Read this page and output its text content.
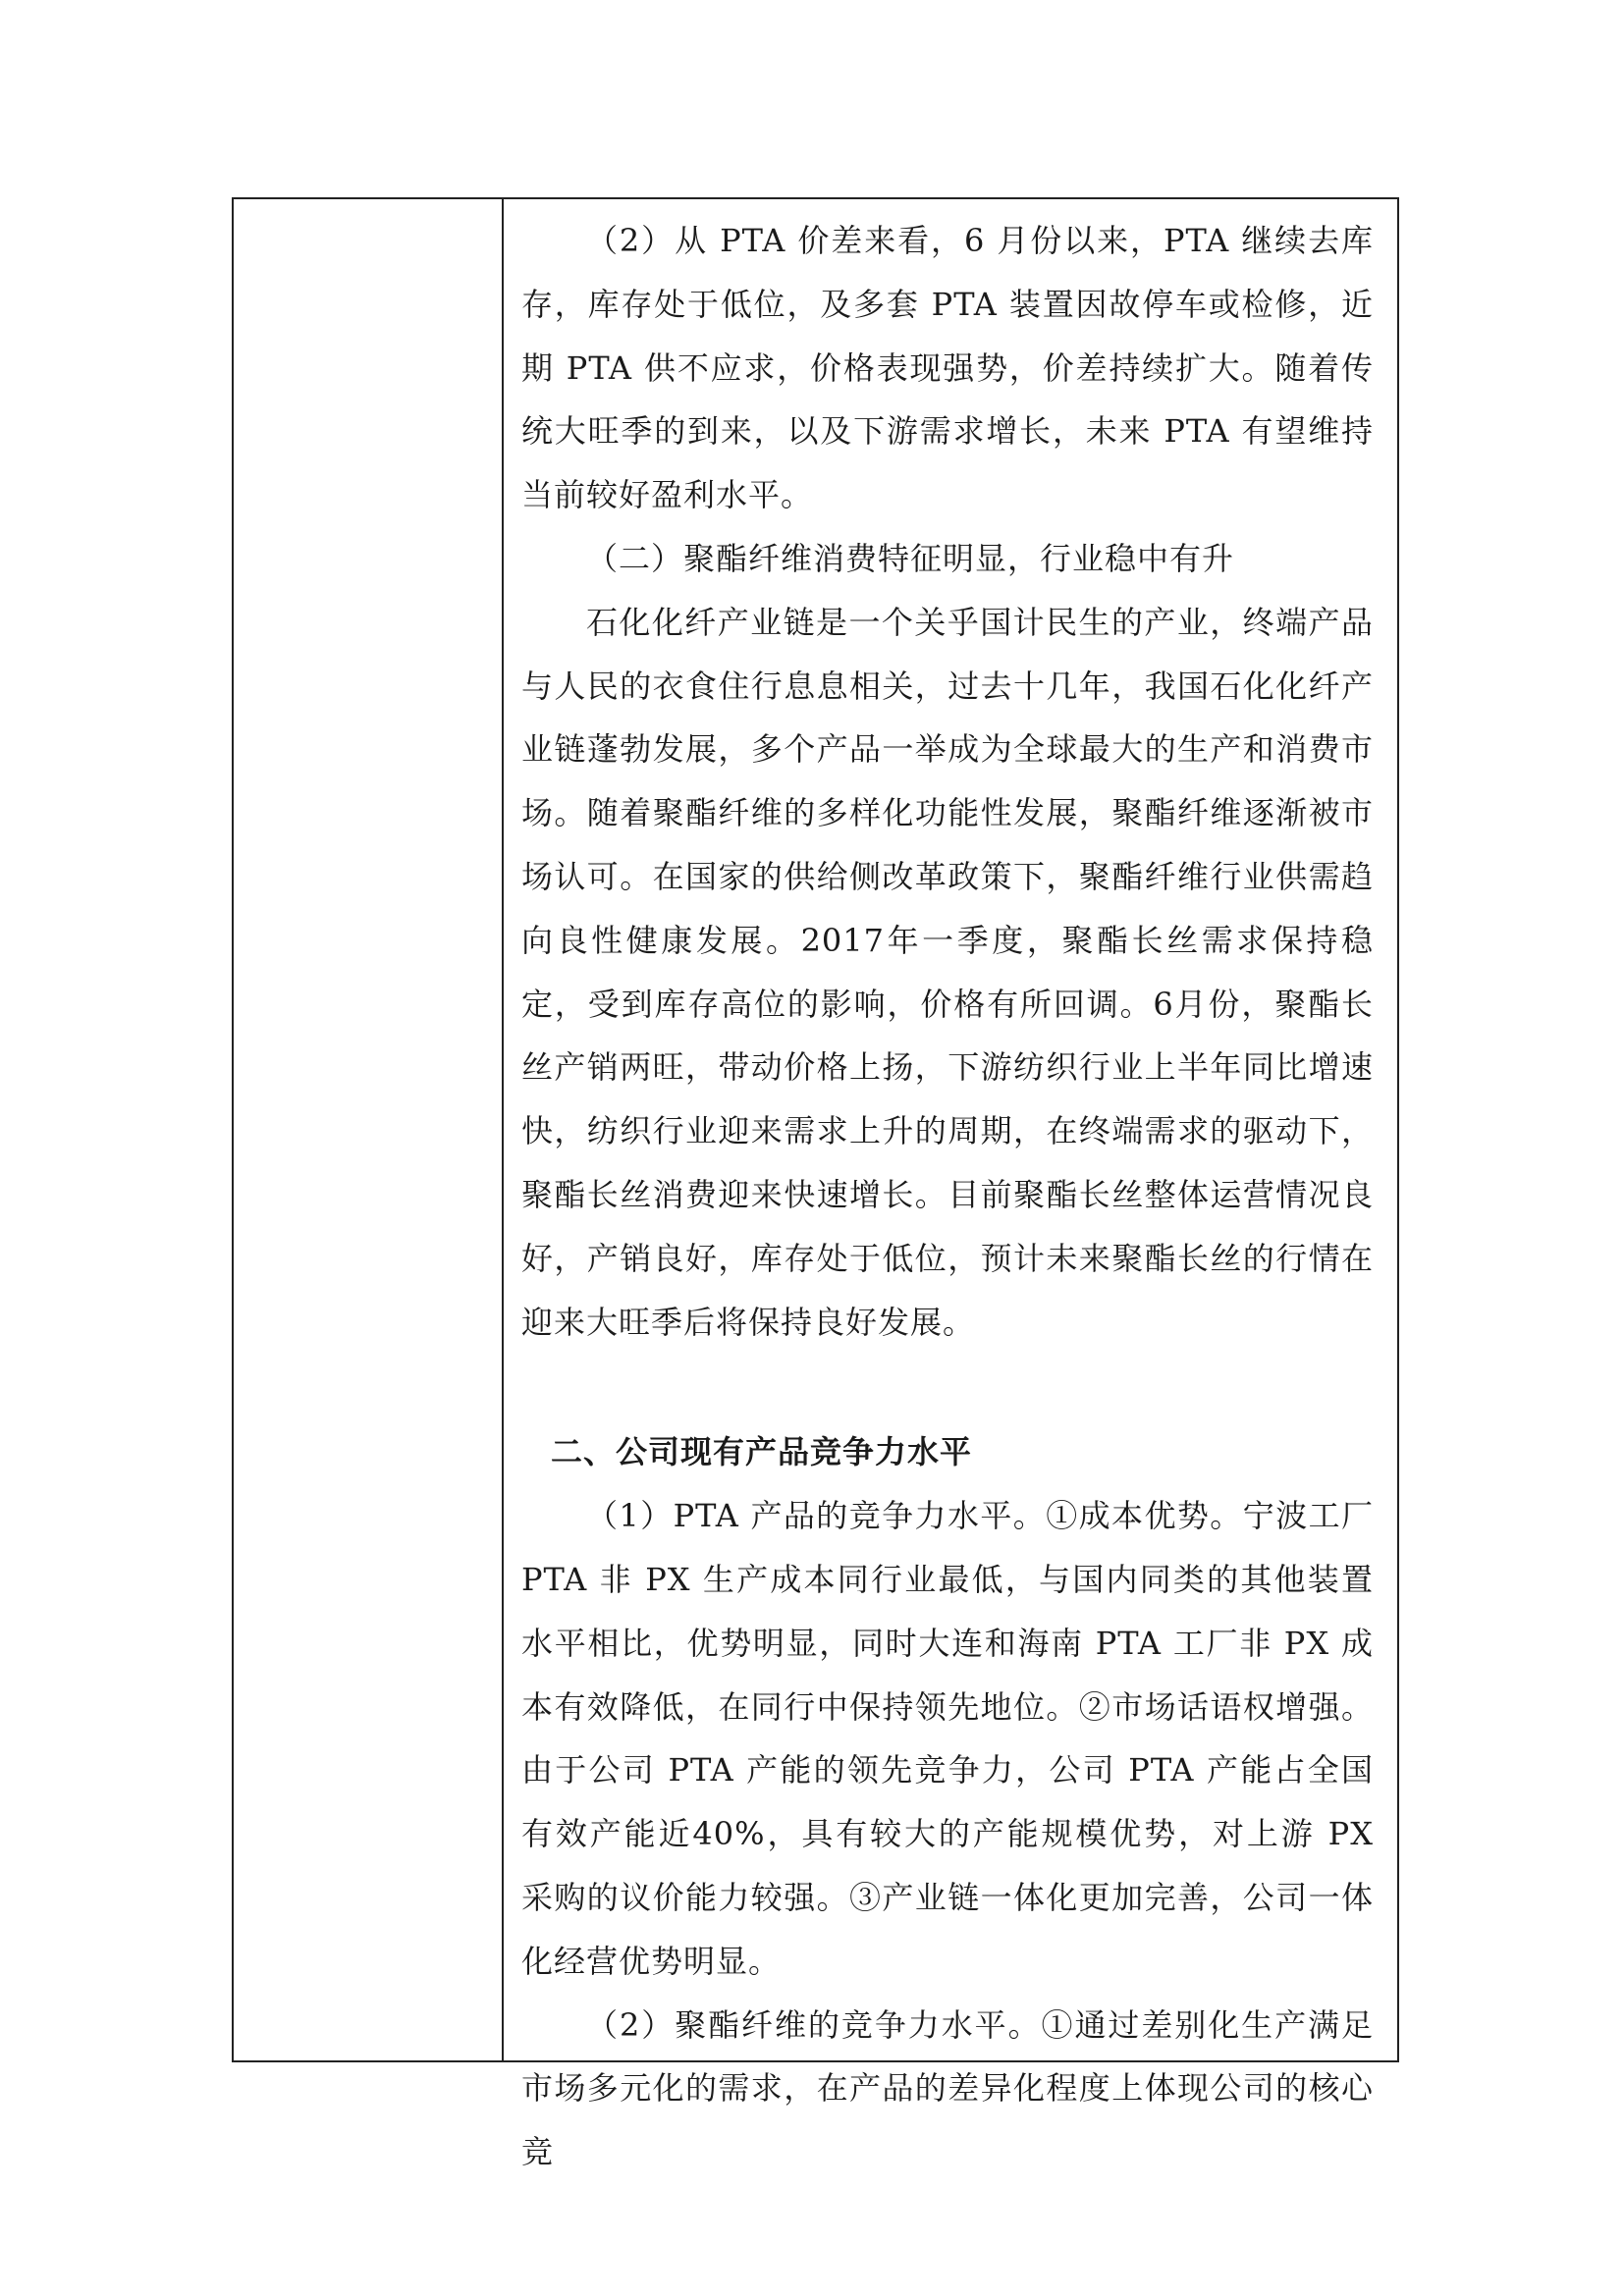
（2）从 PTA 价差来看，6 月份以来，PTA 继续去库存，库存处于低位，及多套 PTA 装置因故停车或检修，近期 PTA 供不应求，价格表现强势，价差持续扩大。随着传统大旺季的到来，以及下游需求增长，未来 PTA 有望维持当前较好盈利水平。

（二）聚酯纤维消费特征明显，行业稳中有升

石化化纤产业链是一个关乎国计民生的产业，终端产品与人民的衣食住行息息相关，过去十几年，我国石化化纤产业链蓬勃发展，多个产品一举成为全球最大的生产和消费市场。随着聚酯纤维的多样化功能性发展，聚酯纤维逐渐被市场认可。在国家的供给侧改革政策下，聚酯纤维行业供需趋向良性健康发展。2017年一季度，聚酯长丝需求保持稳定，受到库存高位的影响，价格有所回调。6月份，聚酯长丝产销两旺，带动价格上扬，下游纺织行业上半年同比增速快，纺织行业迎来需求上升的周期，在终端需求的驱动下，聚酯长丝消费迎来快速增长。目前聚酯长丝整体运营情况良好，产销良好，库存处于低位，预计未来聚酯长丝的行情在迎来大旺季后将保持良好发展。

二、公司现有产品竞争力水平

（1）PTA 产品的竞争力水平。①成本优势。宁波工厂 PTA 非 PX 生产成本同行业最低，与国内同类的其他装置水平相比，优势明显，同时大连和海南 PTA 工厂非 PX 成本有效降低，在同行中保持领先地位。②市场话语权增强。由于公司 PTA 产能的领先竞争力，公司 PTA 产能占全国有效产能近40%，具有较大的产能规模优势，对上游 PX 采购的议价能力较强。③产业链一体化更加完善，公司一体化经营优势明显。

（2）聚酯纤维的竞争力水平。①通过差别化生产满足市场多元化的需求，在产品的差异化程度上体现公司的核心竞
